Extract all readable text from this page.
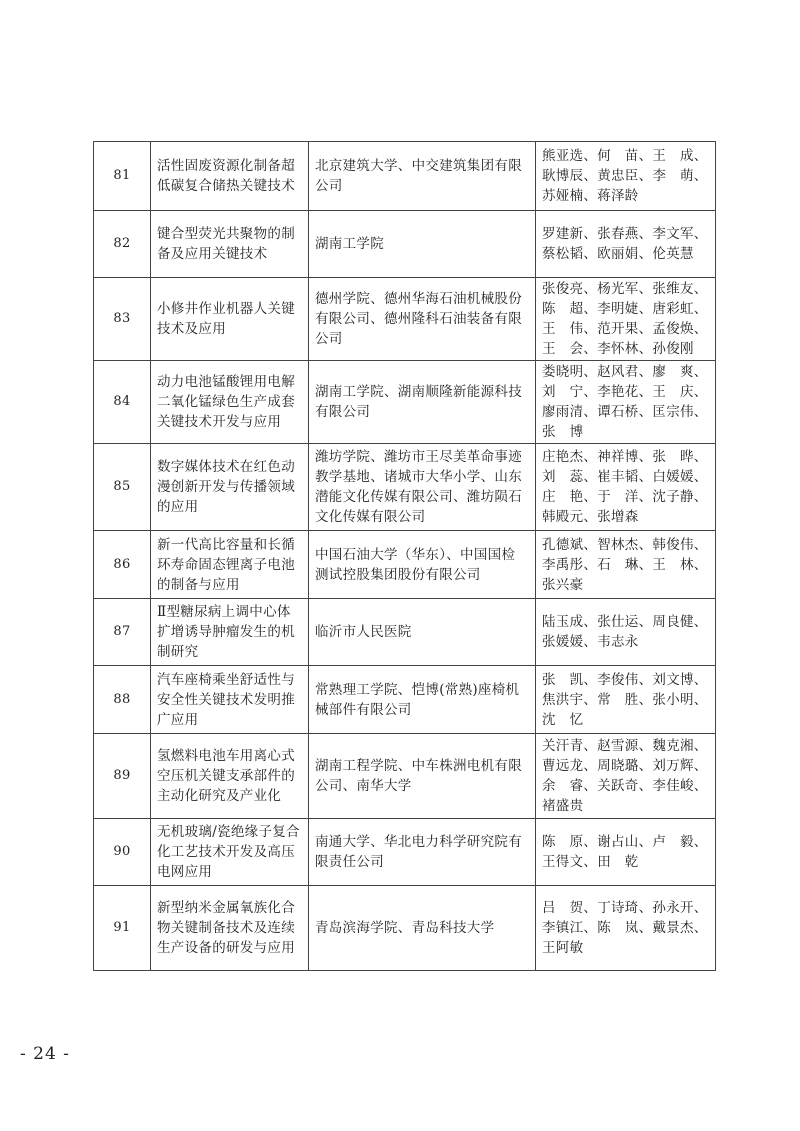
81	活性固废资源化制备超低碳复合储热关键技术	北京建筑大学、中交建筑集团有限公司	熊亚选、何　苗、王　成、耿博辰、黄忠臣、李　萌、苏娅楠、蒋泽龄
82	键合型荧光共聚物的制备及应用关键技术	湖南工学院	罗建新、张春燕、李文军、蔡松韬、欧丽娟、伦英慧
83	小修井作业机器人关键技术及应用	德州学院、德州华海石油机械股份有限公司、德州隆科石油装备有限公司	张俊亮、杨光军、张维友、陈　超、李明婕、唐彩虹、王　伟、范开果、孟俊焕、王　会、李怀林、孙俊刚
84	动力电池锰酸锂用电解二氧化锰绿色生产成套关键技术开发与应用	湖南工学院、湖南顺隆新能源科技有限公司	娄晓明、赵风君、廖　爽、刘　宁、李艳花、王　庆、廖雨清、谭石桥、匡宗伟、张　博
85	数字媒体技术在红色动漫创新开发与传播领域的应用	潍坊学院、潍坊市王尽美革命事迹教学基地、诸城市大华小学、山东潜能文化传媒有限公司、潍坊陨石文化传媒有限公司	庄艳杰、神祥博、张　晔、刘　蕊、崔丰韬、白媛媛、庄　艳、于　洋、沈子静、韩殿元、张增森
86	新一代高比容量和长循环寿命固态锂离子电池的制备与应用	中国石油大学（华东）、中国国检测试控股集团股份有限公司	孔德斌、智林杰、韩俊伟、李禹彤、石　琳、王　林、张兴豪
87	Ⅱ型糖尿病上调中心体扩增诱导肿瘤发生的机制研究	临沂市人民医院	陆玉成、张仕运、周良健、张媛媛、韦志永
88	汽车座椅乘坐舒适性与安全性关键技术发明推广应用	常熟理工学院、恺博(常熟)座椅机械部件有限公司	张　凯、李俊伟、刘文博、焦洪宇、常　胜、张小明、沈　忆
89	氢燃料电池车用离心式空压机关键支承部件的主动化研究及产业化	湖南工程学院、中车株洲电机有限公司、南华大学	关汗青、赵雪源、魏克湘、曹远龙、周晓璐、刘万辉、余　睿、关跃奇、李佳峻、褚盛贵
90	无机玻璃/瓷绝缘子复合化工艺技术开发及高压电网应用	南通大学、华北电力科学研究院有限责任公司	陈　原、谢占山、卢　毅、王得文、田　乾
91	新型纳米金属氧族化合物关键制备技术及连续生产设备的研发与应用	青岛滨海学院、青岛科技大学	吕　贺、丁诗琦、孙永开、李镇江、陈　岚、戴景杰、王阿敏
- 24 -
